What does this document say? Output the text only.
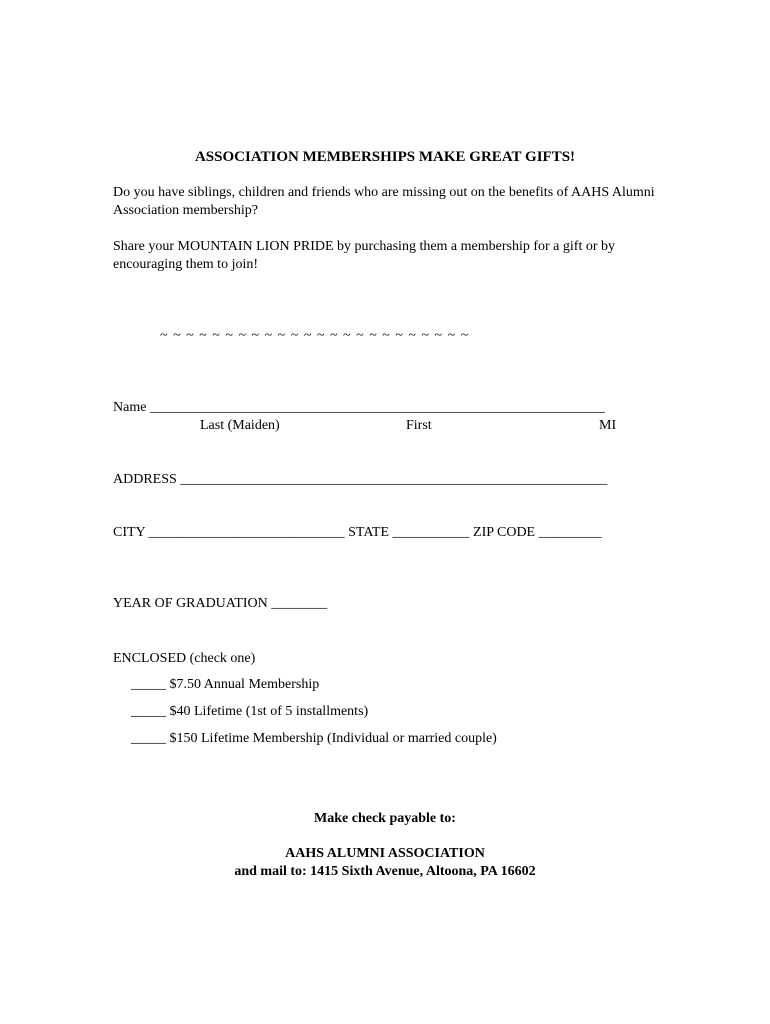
ASSOCIATION MEMBERSHIPS MAKE GREAT GIFTS!
Do you have siblings, children and friends who are missing out on the benefits of AAHS Alumni Association membership?
Share your MOUNTAIN LION PRIDE by purchasing them a membership for a gift or by encouraging them to join!
~ ~ ~ ~ ~ ~ ~ ~ ~ ~ ~ ~ ~ ~ ~ ~ ~ ~ ~ ~ ~ ~ ~ ~
Name _________________________________________________________________
Last (Maiden)	First	MI
ADDRESS _____________________________________________________________
CITY ____________________________ STATE ___________ ZIP CODE _________
YEAR OF GRADUATION ________
ENCLOSED (check one)
_____ $7.50 Annual Membership
_____ $40 Lifetime (1st of 5 installments)
_____ $150 Lifetime Membership (Individual or married couple)
Make check payable to:
AAHS ALUMNI ASSOCIATION
and mail to: 1415 Sixth Avenue, Altoona, PA 16602
